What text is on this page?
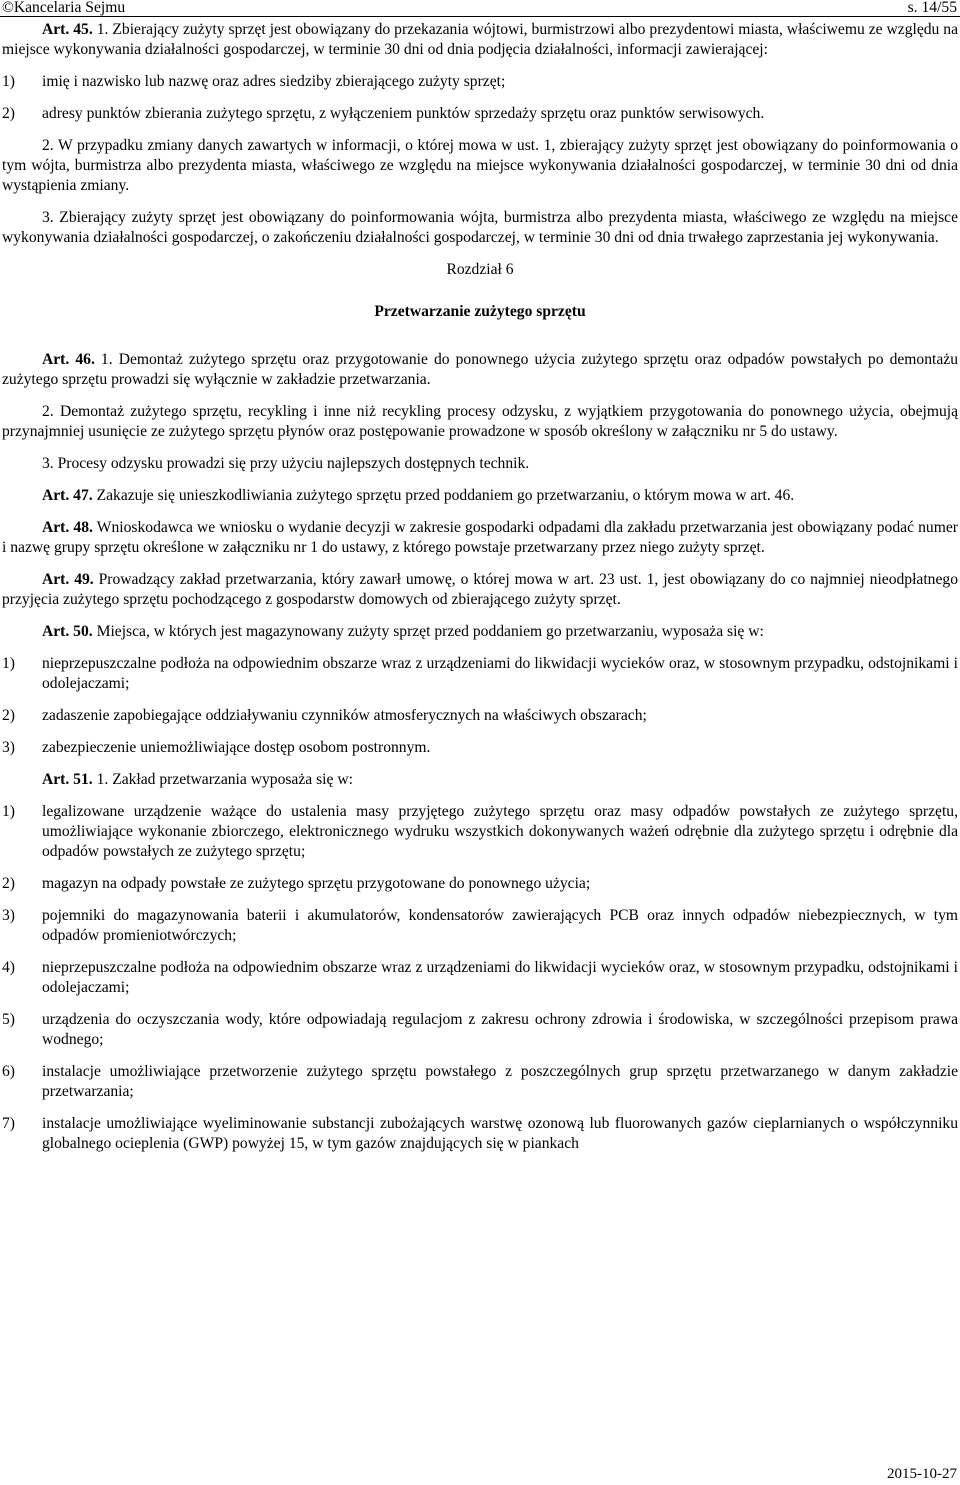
©Kancelaria Sejmu	s. 14/55

Art. 45. 1. Zbierający zużyty sprzęt jest obowiązany do przekazania wójtowi, burmistrzowi albo prezydentowi miasta, właściwemu ze względu na miejsce wykonywania działalności gospodarczej, w terminie 30 dni od dnia podjęcia działalności, informacji zawierającej:

1) imię i nazwisko lub nazwę oraz adres siedziby zbierającego zużyty sprzęt;
2) adresy punktów zbierania zużytego sprzętu, z wyłączeniem punktów sprzedaży sprzętu oraz punktów serwisowych.

2. W przypadku zmiany danych zawartych w informacji, o której mowa w ust. 1, zbierający zużyty sprzęt jest obowiązany do poinformowania o tym wójta, burmistrza albo prezydenta miasta, właściwego ze względu na miejsce wykonywania działalności gospodarczej, w terminie 30 dni od dnia wystąpienia zmiany.

3. Zbierający zużyty sprzęt jest obowiązany do poinformowania wójta, burmistrza albo prezydenta miasta, właściwego ze względu na miejsce wykonywania działalności gospodarczej, o zakończeniu działalności gospodarczej, w terminie 30 dni od dnia trwałego zaprzestania jej wykonywania.

Rozdział 6

Przetwarzanie zużytego sprzętu

Art. 46. 1. Demontaż zużytego sprzętu oraz przygotowanie do ponownego użycia zużytego sprzętu oraz odpadów powstałych po demontażu zużytego sprzętu prowadzi się wyłącznie w zakładzie przetwarzania.

2. Demontaż zużytego sprzętu, recykling i inne niż recykling procesy odzysku, z wyjątkiem przygotowania do ponownego użycia, obejmują przynajmniej usunięcie ze zużytego sprzętu płynów oraz postępowanie prowadzone w sposób określony w załączniku nr 5 do ustawy.

3. Procesy odzysku prowadzi się przy użyciu najlepszych dostępnych technik.

Art. 47. Zakazuje się unieszkodliwiania zużytego sprzętu przed poddaniem go przetwarzaniu, o którym mowa w art. 46.

Art. 48. Wnioskodawca we wniosku o wydanie decyzji w zakresie gospodarki odpadami dla zakładu przetwarzania jest obowiązany podać numer i nazwę grupy sprzętu określone w załączniku nr 1 do ustawy, z którego powstaje przetwarzany przez niego zużyty sprzęt.

Art. 49. Prowadzący zakład przetwarzania, który zawarł umowę, o której mowa w art. 23 ust. 1, jest obowiązany do co najmniej nieodpłatnego przyjęcia zużytego sprzętu pochodzącego z gospodarstw domowych od zbierającego zużyty sprzęt.

Art. 50. Miejsca, w których jest magazynowany zużyty sprzęt przed poddaniem go przetwarzaniu, wyposaża się w:

1) nieprzepuszczalne podłoża na odpowiednim obszarze wraz z urządzeniami do likwidacji wycieków oraz, w stosownym przypadku, odstojnikami i odolejaczami;
2) zadaszenie zapobiegające oddziaływaniu czynników atmosferycznych na właściwych obszarach;
3) zabezpieczenie uniemożliwiające dostęp osobom postronnym.

Art. 51. 1. Zakład przetwarzania wyposaża się w:

1) legalizowane urządzenie ważące do ustalenia masy przyjętego zużytego sprzętu oraz masy odpadów powstałych ze zużytego sprzętu, umożliwiające wykonanie zbiorczego, elektronicznego wydruku wszystkich dokonywanych ważeń odrębnie dla zużytego sprzętu i odrębnie dla odpadów powstałych ze zużytego sprzętu;
2) magazyn na odpady powstałe ze zużytego sprzętu przygotowane do ponownego użycia;
3) pojemniki do magazynowania baterii i akumulatorów, kondensatorów zawierających PCB oraz innych odpadów niebezpiecznych, w tym odpadów promieniotwórczych;
4) nieprzepuszczalne podłoża na odpowiednim obszarze wraz z urządzeniami do likwidacji wycieków oraz, w stosownym przypadku, odstojnikami i odolejaczami;
5) urządzenia do oczyszczania wody, które odpowiadają regulacjom z zakresu ochrony zdrowia i środowiska, w szczególności przepisom prawa wodnego;
6) instalacje umożliwiające przetworzenie zużytego sprzętu powstałego z poszczególnych grup sprzętu przetwarzanego w danym zakładzie przetwarzania;
7) instalacje umożliwiające wyeliminowanie substancji zubożających warstwę ozonową lub fluorowanych gazów cieplarnianych o współczynniku globalnego ocieplenia (GWP) powyżej 15, w tym gazów znajdujących się w piankach
2015-10-27
